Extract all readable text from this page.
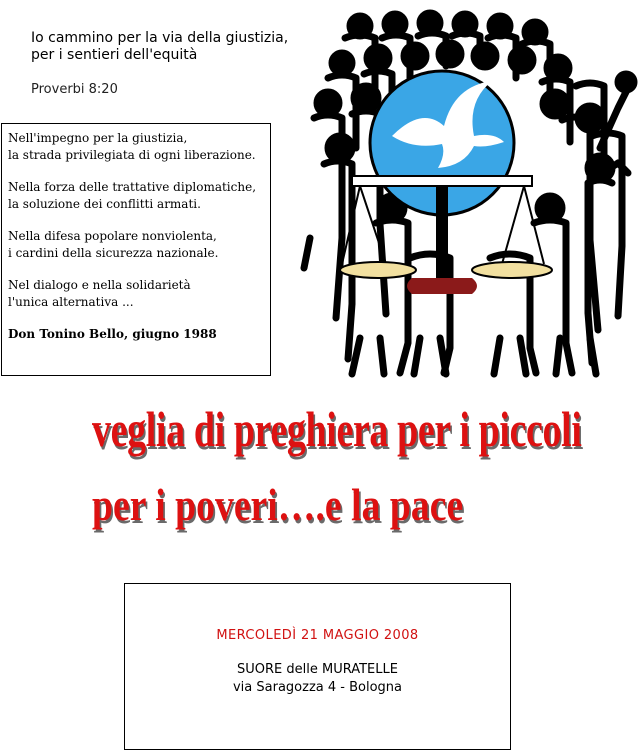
Io cammino per la via della giustizia,
per i sentieri dell'equità
Proverbi 8:20

Nell'impegno per la giustizia,
la strada privilegiata di ogni liberazione.

Nella forza delle trattative diplomatiche,
la soluzione dei conflitti armati.

Nella difesa popolare nonviolenta,
i cardini della sicurezza nazionale.

Nel dialogo e nella solidarietà
l'unica alternativa ...

Don Tonino Bello, giugno 1988
veglia di preghiera per i piccoli
per i poveri….e la pace
MERCOLEDÌ 21 MAGGIO 2008
SUORE delle MURATELLE
via Saragozza 4 - Bologna
